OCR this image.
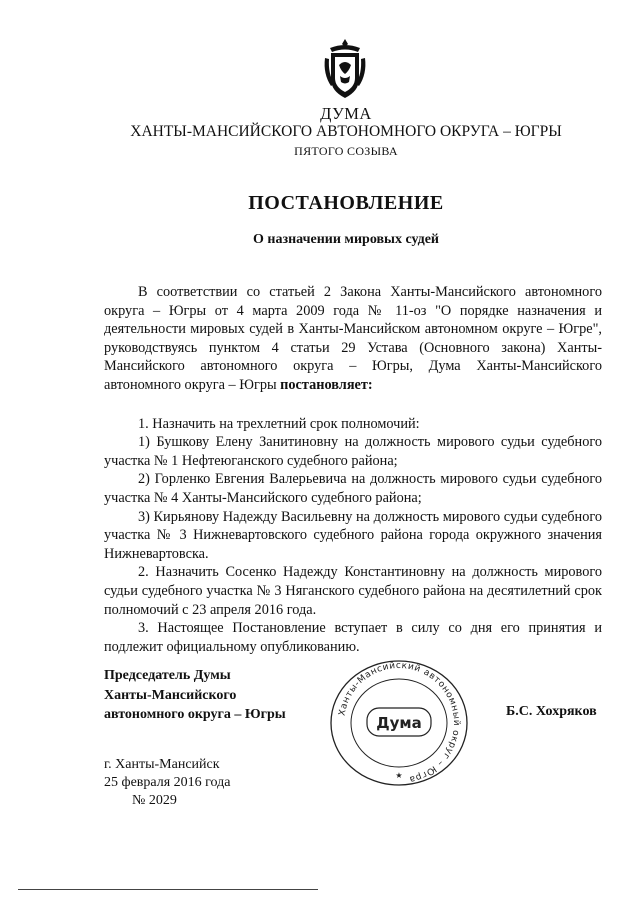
ДУМА
ХАНТЫ-МАНСИЙСКОГО АВТОНОМНОГО ОКРУГА – ЮГРЫ
ПЯТОГО СОЗЫВА
ПОСТАНОВЛЕНИЕ
О назначении мировых судей

В соответствии со статьей 2 Закона Ханты-Мансийского автономного округа – Югры от 4 марта 2009 года № 11-оз "О порядке назначения и деятельности мировых судей в Ханты-Мансийском автономном округе – Югре", руководствуясь пунктом 4 статьи 29 Устава (Основного закона) Ханты-Мансийского автономного округа – Югры, Дума Ханты-Мансийского автономного округа – Югры постановляет:

1. Назначить на трехлетний срок полномочий:

1) Бушкову Елену Занитиновну на должность мирового судьи судебного участка № 1 Нефтеюганского судебного района;

2) Горленко Евгения Валерьевича на должность мирового судьи судебного участка № 4 Ханты-Мансийского судебного района;

3) Кирьянову Надежду Васильевну на должность мирового судьи судебного участка № 3 Нижневартовского судебного района города окружного значения Нижневартовска.

2. Назначить Сосенко Надежду Константиновну на должность мирового судьи судебного участка № 3 Няганского судебного района на десятилетний срок полномочий с 23 апреля 2016 года.

3. Настоящее Постановление вступает в силу со дня его принятия и подлежит официальному опубликованию.

Председатель Думы
Ханты-Мансийского
автономного округа – Югры	Ханты-Мансийский автономный округ – Югра
Дума
★
Б.С. Хохряков
г. Ханты-Мансийск
25 февраля 2016 года
№ 2029
